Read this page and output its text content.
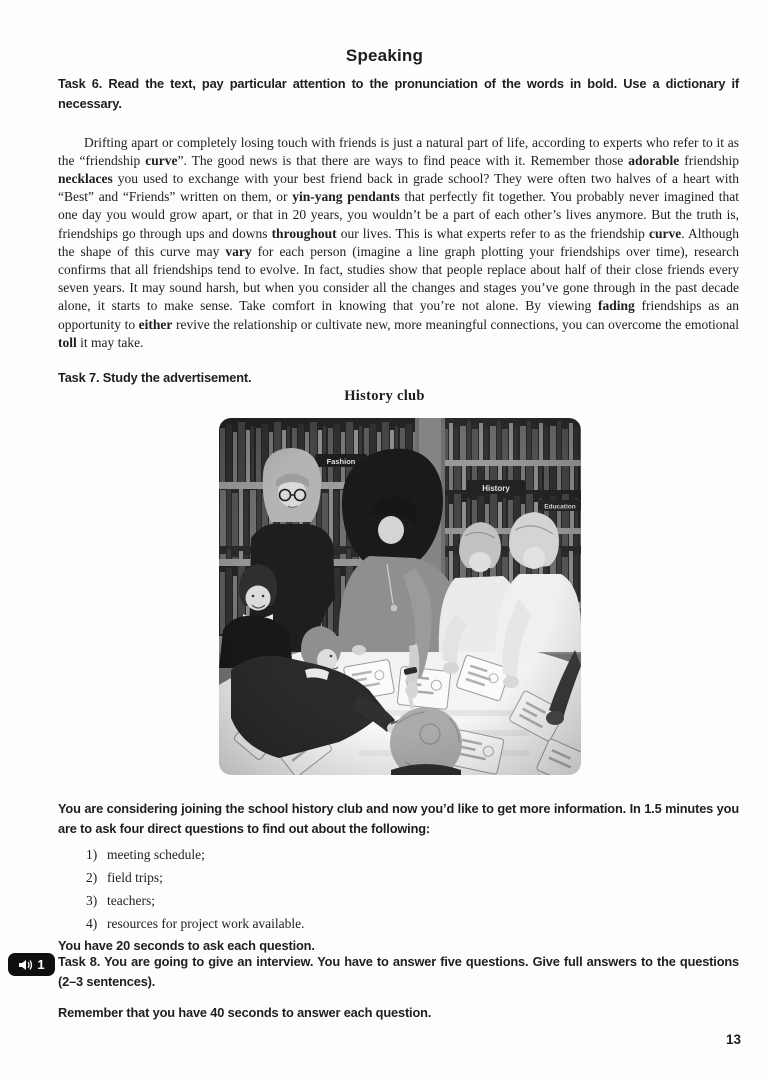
Speaking
Task 6. Read the text, pay particular attention to the pronunciation of the words in bold. Use a dictionary if necessary.

Drifting apart or completely losing touch with friends is just a natural part of life, according to experts who refer to it as the “friendship curve”. The good news is that there are ways to find peace with it. Remember those adorable friendship necklaces you used to exchange with your best friend back in grade school? They were often two halves of a heart with “Best” and “Friends” written on them, or yin-yang pendants that perfectly fit together. You probably never imagined that one day you would grow apart, or that in 20 years, you wouldn’t be a part of each other’s lives anymore. But the truth is, friendships go through ups and downs throughout our lives. This is what experts refer to as the friendship curve. Although the shape of this curve may vary for each person (imagine a line graph plotting your friendships over time), research confirms that all friendships tend to evolve. In fact, studies show that people replace about half of their close friends every seven years. It may sound harsh, but when you consider all the changes and stages you’ve gone through in the past decade alone, it starts to make sense. Take comfort in knowing that you’re not alone. By viewing fading friendships as an opportunity to either revive the relationship or cultivate new, more meaningful connections, you can overcome the emotional toll it may take.

Task 7. Study the advertisement.
History club
You are considering joining the school history club and now you’d like to get more information. In 1.5 minutes you are to ask four direct questions to find out about the following:
1) meeting schedule;
2) field trips;
3) teachers;
4) resources for project work available.
You have 20 seconds to ask each question.
1 Task 8. You are going to give an interview. You have to answer five questions. Give full answers to the questions (2–3 sentences).
Remember that you have 40 seconds to answer each question.
13
